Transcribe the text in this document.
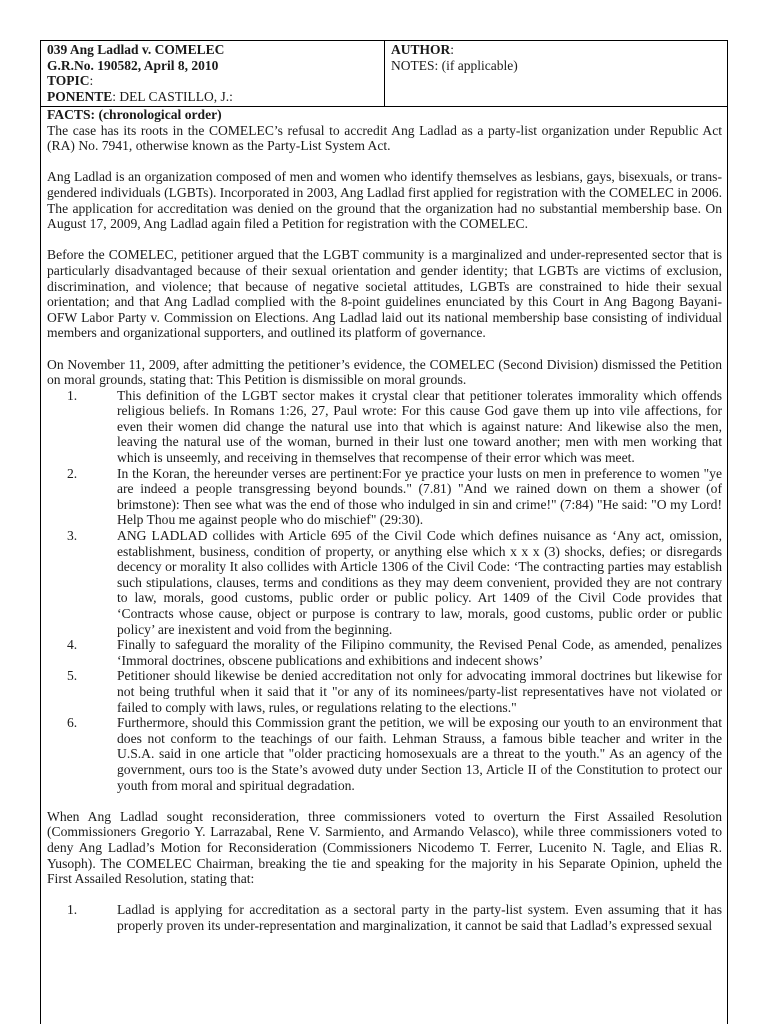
039 Ang Ladlad v. COMELEC
G.R.No. 190582, April 8, 2010
TOPIC:
PONENTE: DEL CASTILLO, J.:
AUTHOR:
NOTES: (if applicable)

FACTS: (chronological order)

The case has its roots in the COMELEC’s refusal to accredit Ang Ladlad as a party-list organization under Republic Act (RA) No. 7941, otherwise known as the Party-List System Act.

Ang Ladlad is an organization composed of men and women who identify themselves as lesbians, gays, bisexuals, or trans-gendered individuals (LGBTs). Incorporated in 2003, Ang Ladlad first applied for registration with the COMELEC in 2006. The application for accreditation was denied on the ground that the organization had no substantial membership base. On August 17, 2009, Ang Ladlad again filed a Petition for registration with the COMELEC.

Before the COMELEC, petitioner argued that the LGBT community is a marginalized and under-represented sector that is particularly disadvantaged because of their sexual orientation and gender identity; that LGBTs are victims of exclusion, discrimination, and violence; that because of negative societal attitudes, LGBTs are constrained to hide their sexual orientation; and that Ang Ladlad complied with the 8-point guidelines enunciated by this Court in Ang Bagong Bayani-OFW Labor Party v. Commission on Elections. Ang Ladlad laid out its national membership base consisting of individual members and organizational supporters, and outlined its platform of governance.

On November 11, 2009, after admitting the petitioner’s evidence, the COMELEC (Second Division) dismissed the Petition on moral grounds, stating that: This Petition is dismissible on moral grounds.

1.	This definition of the LGBT sector makes it crystal clear that petitioner tolerates immorality which offends religious beliefs. In Romans 1:26, 27, Paul wrote: For this cause God gave them up into vile affections, for even their women did change the natural use into that which is against nature: And likewise also the men, leaving the natural use of the woman, burned in their lust one toward another; men with men working that which is unseemly, and receiving in themselves that recompense of their error which was meet.
2.	In the Koran, the hereunder verses are pertinent:For ye practice your lusts on men in preference to women "ye are indeed a people transgressing beyond bounds." (7.81) "And we rained down on them a shower (of brimstone): Then see what was the end of those who indulged in sin and crime!" (7:84) "He said: "O my Lord! Help Thou me against people who do mischief" (29:30).
3.	ANG LADLAD collides with Article 695 of the Civil Code which defines nuisance as ‘Any act, omission, establishment, business, condition of property, or anything else which x x x (3) shocks, defies; or disregards decency or morality It also collides with Article 1306 of the Civil Code: ‘The contracting parties may establish such stipulations, clauses, terms and conditions as they may deem convenient, provided they are not contrary to law, morals, good customs, public order or public policy. Art 1409 of the Civil Code provides that ‘Contracts whose cause, object or purpose is contrary to law, morals, good customs, public order or public policy’ are inexistent and void from the beginning.
4.	Finally to safeguard the morality of the Filipino community, the Revised Penal Code, as amended, penalizes ‘Immoral doctrines, obscene publications and exhibitions and indecent shows’
5.	Petitioner should likewise be denied accreditation not only for advocating immoral doctrines but likewise for not being truthful when it said that it "or any of its nominees/party-list representatives have not violated or failed to comply with laws, rules, or regulations relating to the elections."
6.	Furthermore, should this Commission grant the petition, we will be exposing our youth to an environment that does not conform to the teachings of our faith. Lehman Strauss, a famous bible teacher and writer in the U.S.A. said in one article that "older practicing homosexuals are a threat to the youth." As an agency of the government, ours too is the State’s avowed duty under Section 13, Article II of the Constitution to protect our youth from moral and spiritual degradation.

When Ang Ladlad sought reconsideration, three commissioners voted to overturn the First Assailed Resolution (Commissioners Gregorio Y. Larrazabal, Rene V. Sarmiento, and Armando Velasco), while three commissioners voted to deny Ang Ladlad’s Motion for Reconsideration (Commissioners Nicodemo T. Ferrer, Lucenito N. Tagle, and Elias R. Yusoph). The COMELEC Chairman, breaking the tie and speaking for the majority in his Separate Opinion, upheld the First Assailed Resolution, stating that:

1.	Ladlad is applying for accreditation as a sectoral party in the party-list system. Even assuming that it has properly proven its under-representation and marginalization, it cannot be said that Ladlad’s expressed sexual
